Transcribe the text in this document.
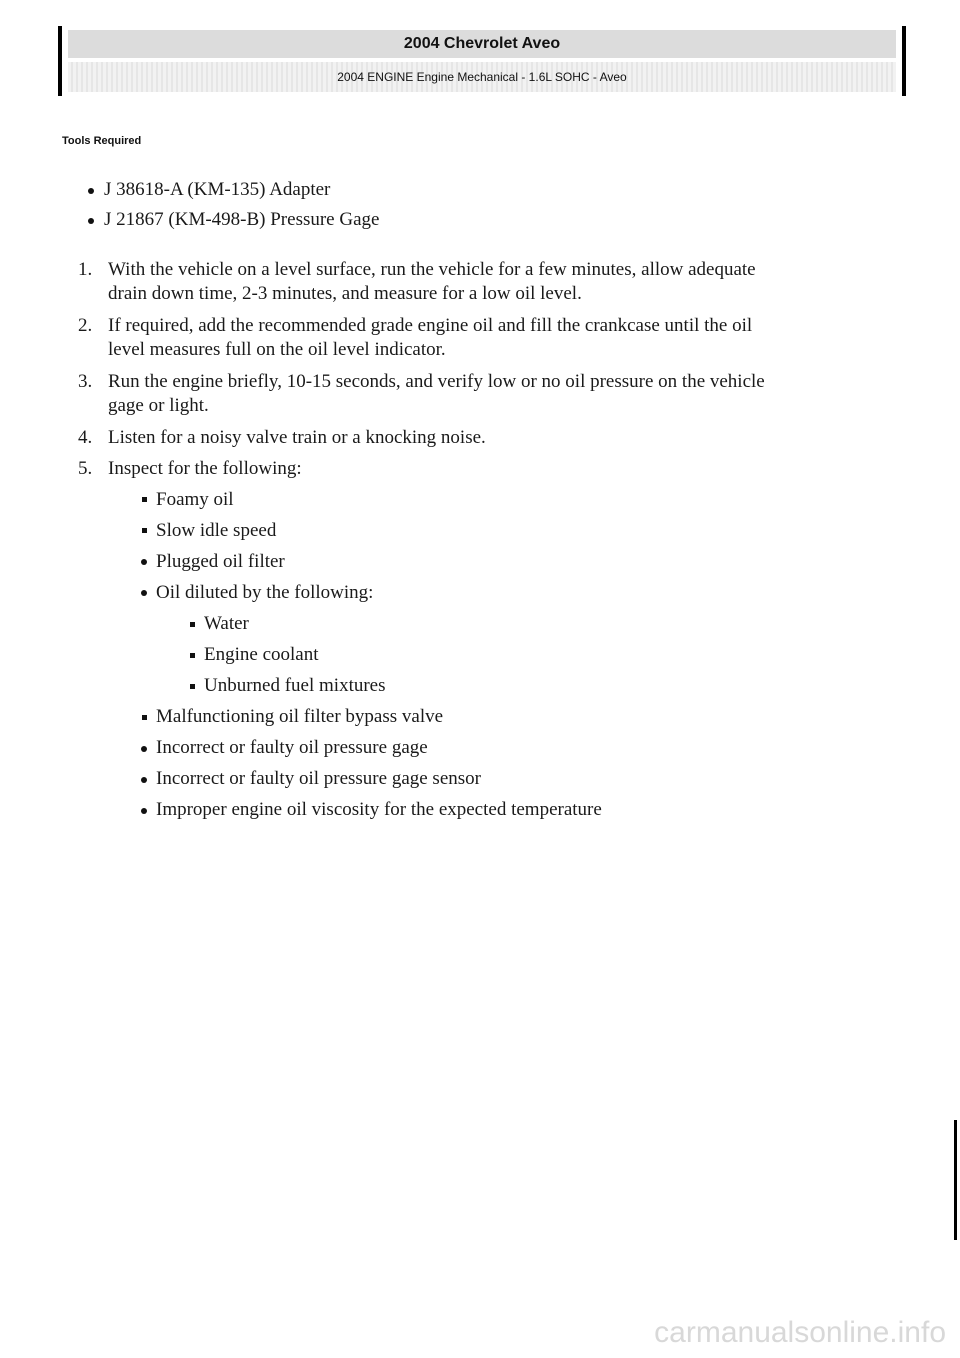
2004 Chevrolet Aveo
2004 ENGINE Engine Mechanical - 1.6L SOHC - Aveo
Tools Required
J 38618-A (KM-135) Adapter
J 21867 (KM-498-B) Pressure Gage
1. With the vehicle on a level surface, run the vehicle for a few minutes, allow adequate
drain down time, 2-3 minutes, and measure for a low oil level.
2. If required, add the recommended grade engine oil and fill the crankcase until the oil
level measures full on the oil level indicator.
3. Run the engine briefly, 10-15 seconds, and verify low or no oil pressure on the vehicle
gage or light.
4. Listen for a noisy valve train or a knocking noise.
5. Inspect for the following:
Foamy oil
Slow idle speed
Plugged oil filter
Oil diluted by the following:
Water
Engine coolant
Unburned fuel mixtures
Malfunctioning oil filter bypass valve
Incorrect or faulty oil pressure gage
Incorrect or faulty oil pressure gage sensor
Improper engine oil viscosity for the expected temperature
carmanualsonline.info
